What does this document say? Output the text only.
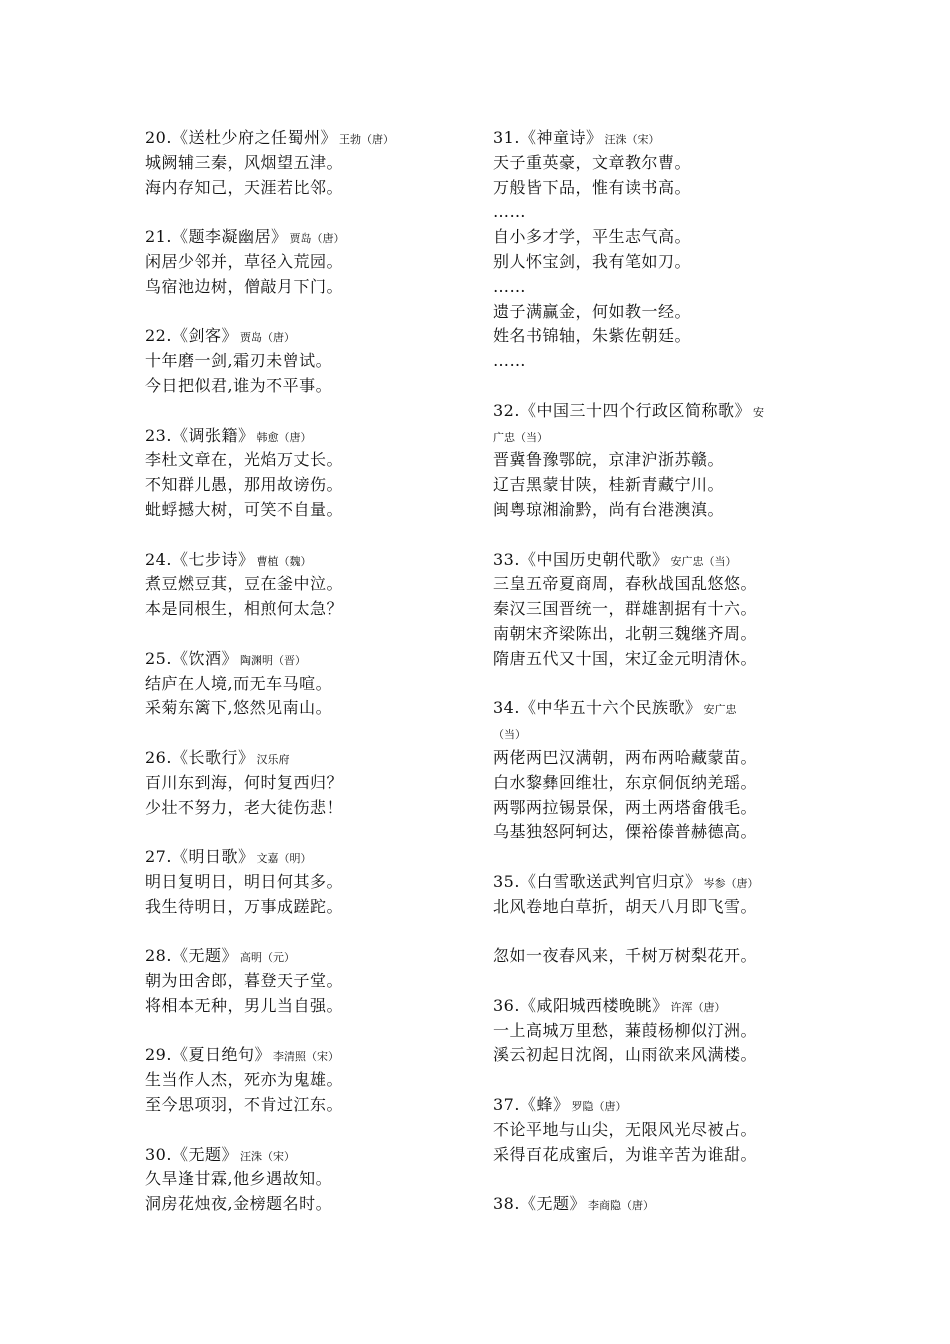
20.《送杜少府之任蜀州》 王勃（唐）
城阙辅三秦，风烟望五津。
海内存知己，天涯若比邻。
21.《题李凝幽居》 贾岛（唐）
闲居少邻并，草径入荒园。
鸟宿池边树，僧敲月下门。
22.《剑客》 贾岛（唐）
十年磨一剑,霜刃未曾试。
今日把似君,谁为不平事。
23.《调张籍》 韩愈（唐）
李杜文章在，光焰万丈长。
不知群儿愚，那用故谤伤。
蚍蜉撼大树，可笑不自量。
24.《七步诗》 曹植（魏）
煮豆燃豆萁，豆在釜中泣。
本是同根生，相煎何太急？
25.《饮酒》 陶渊明（晋）
结庐在人境,而无车马喧。
采菊东篱下,悠然见南山。
26.《长歌行》 汉乐府
百川东到海，何时复西归？
少壮不努力，老大徒伤悲！
27.《明日歌》 文嘉（明）
明日复明日，明日何其多。
我生待明日，万事成蹉跎。
28.《无题》 高明（元）
朝为田舍郎，暮登天子堂。
将相本无种，男儿当自强。
29.《夏日绝句》 李清照（宋）
生当作人杰，死亦为鬼雄。
至今思项羽，不肯过江东。
30.《无题》 汪洙（宋）
久旱逢甘霖,他乡遇故知。
洞房花烛夜,金榜题名时。
31.《神童诗》 汪洙（宋）
天子重英豪，文章教尔曹。
万般皆下品，惟有读书高。
……
自小多才学，平生志气高。
别人怀宝剑，我有笔如刀。
……
遗子满赢金，何如教一经。
姓名书锦轴，朱紫佐朝廷。
……
32.《中国三十四个行政区简称歌》 安
广忠（当）
晋冀鲁豫鄂皖，京津沪浙苏赣。
辽吉黑蒙甘陕，桂新青藏宁川。
闽粤琼湘渝黔，尚有台港澳滇。
33.《中国历史朝代歌》 安广忠（当）
三皇五帝夏商周，春秋战国乱悠悠。
秦汉三国晋统一，群雄割据有十六。
南朝宋齐梁陈出，北朝三魏继齐周。
隋唐五代又十国，宋辽金元明清休。
34.《中华五十六个民族歌》 安广忠
（当）
两佬两巴汉满朝，两布两哈藏蒙苗。
白水黎彝回维壮，东京侗佤纳羌瑶。
两鄂两拉锡景保，两土两塔畲俄毛。
乌基独怒阿轲达，傈裕傣普赫德高。
35.《白雪歌送武判官归京》 岑参（唐）
北风卷地白草折，胡天八月即飞雪。
忽如一夜春风来，千树万树梨花开。
36.《咸阳城西楼晚眺》 许浑（唐）
一上高城万里愁，蒹葭杨柳似汀洲。
溪云初起日沈阁，山雨欲来风满楼。
37.《蜂》 罗隐（唐）
不论平地与山尖，无限风光尽被占。
采得百花成蜜后，为谁辛苦为谁甜。
38.《无题》 李商隐（唐）
